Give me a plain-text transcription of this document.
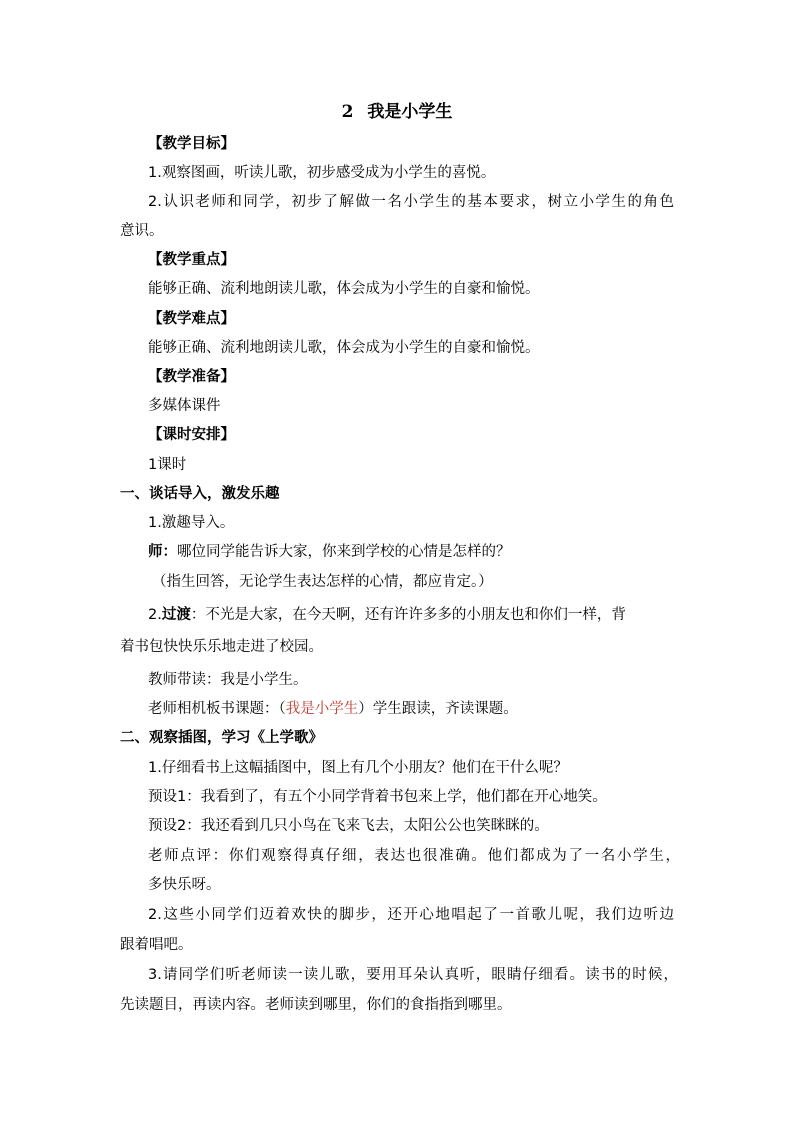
2 我是小学生
【教学目标】
1.观察图画，听读儿歌，初步感受成为小学生的喜悦。
2.认识老师和同学，初步了解做一名小学生的基本要求，树立小学生的角色
意识。
【教学重点】
能够正确、流利地朗读儿歌，体会成为小学生的自豪和愉悦。
【教学难点】
能够正确、流利地朗读儿歌，体会成为小学生的自豪和愉悦。
【教学准备】
多媒体课件
【课时安排】
1课时
一、谈话导入，激发乐趣
1.激趣导入。
师：哪位同学能告诉大家，你来到学校的心情是怎样的？
（指生回答，无论学生表达怎样的心情，都应肯定。）
2.过渡：不光是大家，在今天啊，还有许许多多的小朋友也和你们一样，背
着书包快快乐乐地走进了校园。
教师带读：我是小学生。
老师相机板书课题：（我是小学生）学生跟读，齐读课题。
二、观察插图，学习《上学歌》
1.仔细看书上这幅插图中，图上有几个小朋友？他们在干什么呢？
预设1：我看到了，有五个小同学背着书包来上学，他们都在开心地笑。
预设2：我还看到几只小鸟在飞来飞去，太阳公公也笑眯眯的。
老师点评：你们观察得真仔细，表达也很准确。他们都成为了一名小学生，
多快乐呀。
2.这些小同学们迈着欢快的脚步，还开心地唱起了一首歌儿呢，我们边听边
跟着唱吧。
3.请同学们听老师读一读儿歌，要用耳朵认真听，眼睛仔细看。读书的时候，
先读题目，再读内容。老师读到哪里，你们的食指指到哪里。
